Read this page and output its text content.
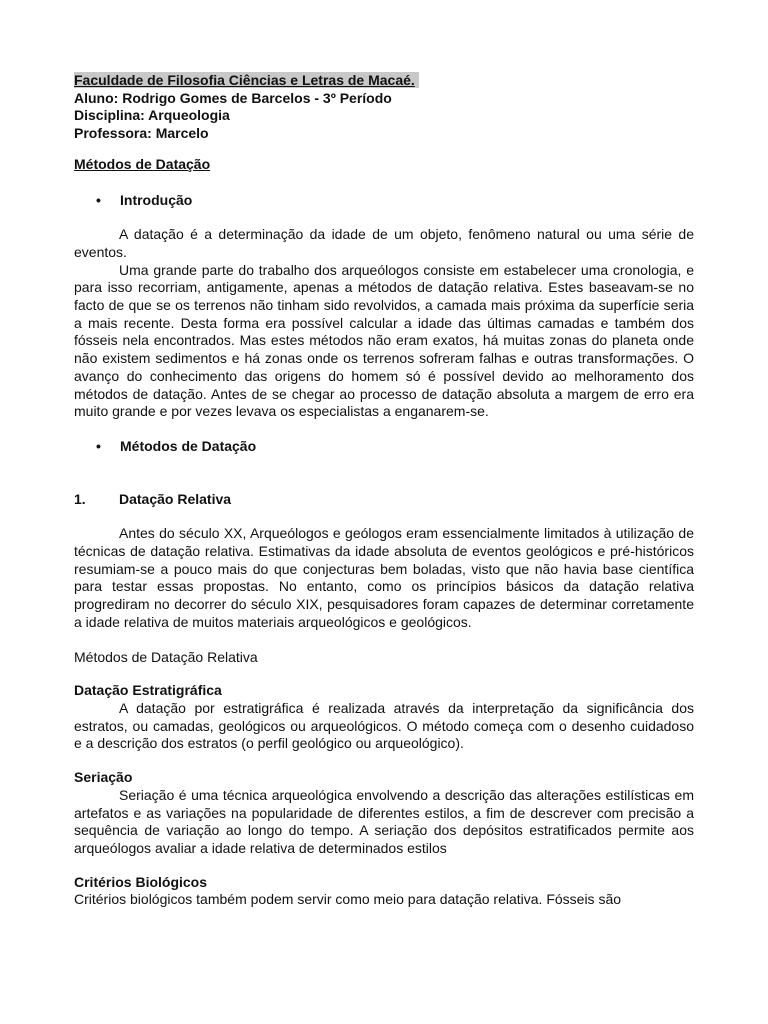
Faculdade de Filosofia Ciências e Letras de Macaé.

Aluno: Rodrigo Gomes de Barcelos - 3º Período

Disciplina: Arqueologia

Professora: Marcelo

Métodos de Datação

•	Introdução

A datação é a determinação da idade de um objeto, fenômeno natural ou uma série de eventos.

Uma grande parte do trabalho dos arqueólogos consiste em estabelecer uma cronologia, e para isso recorriam, antigamente, apenas a métodos de datação relativa. Estes baseavam-se no facto de que se os terrenos não tinham sido revolvidos, a camada mais próxima da superfície seria a mais recente. Desta forma era possível calcular a idade das últimas camadas e também dos fósseis nela encontrados. Mas estes métodos não eram exatos, há muitas zonas do planeta onde não existem sedimentos e há zonas onde os terrenos sofreram falhas e outras transformações. O avanço do conhecimento das origens do homem só é possível devido ao melhoramento dos métodos de datação. Antes de se chegar ao processo de datação absoluta a margem de erro era muito grande e por vezes levava os especialistas a enganarem-se.

•	Métodos de Datação
1.	Datação Relativa

Antes do século XX, Arqueólogos e geólogos eram essencialmente limitados à utilização de técnicas de datação relativa. Estimativas da idade absoluta de eventos geológicos e pré-históricos resumiam-se a pouco mais do que conjecturas bem boladas, visto que não havia base científica para testar essas propostas. No entanto, como os princípios básicos da datação relativa progrediram no decorrer do século XIX, pesquisadores foram capazes de determinar corretamente a idade relativa de muitos materiais arqueológicos e geológicos.

Métodos de Datação Relativa

Datação Estratigráfica

A datação por estratigráfica é realizada através da interpretação da significância dos estratos, ou camadas, geológicos ou arqueológicos. O método começa com o desenho cuidadoso e a descrição dos estratos (o perfil geológico ou arqueológico).

Seriação

Seriação é uma técnica arqueológica envolvendo a descrição das alterações estilísticas em artefatos e as variações na popularidade de diferentes estilos, a fim de descrever com precisão a sequência de variação ao longo do tempo. A seriação dos depósitos estratificados permite aos arqueólogos avaliar a idade relativa de determinados estilos

Critérios Biológicos

Critérios biológicos também podem servir como meio para datação relativa. Fósseis são
